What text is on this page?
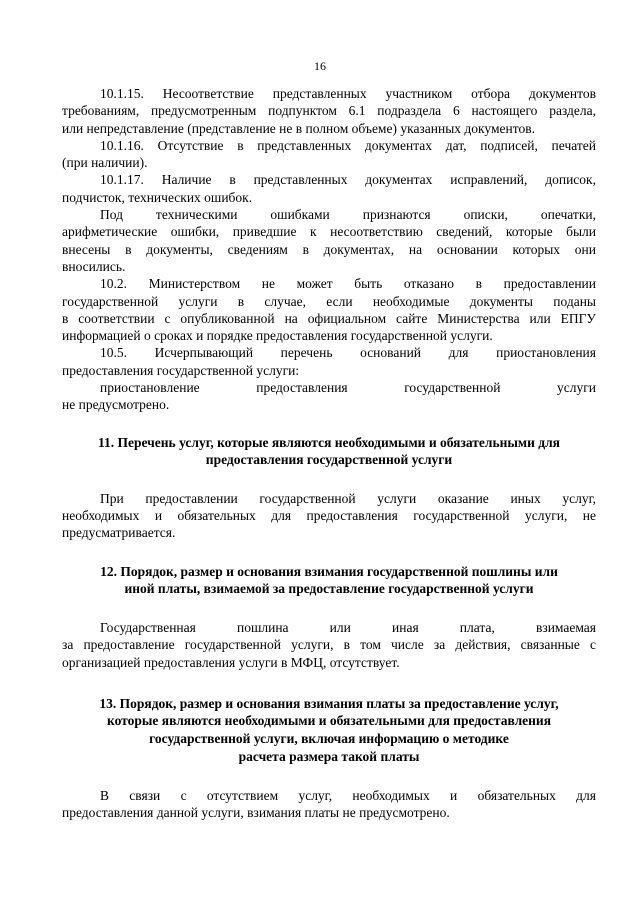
16

10.1.15. Несоответствие представленных участником отбора документов
требованиям, предусмотренным подпунктом 6.1 подраздела 6 настоящего раздела,
или непредставление (представление не в полном объеме) указанных документов.

10.1.16. Отсутствие в представленных документах дат, подписей, печатей
(при наличии).

10.1.17. Наличие в представленных документах исправлений, дописок,
подчисток, технических ошибок.

Под техническими ошибками признаются описки, опечатки,
арифметические ошибки, приведшие к несоответствию сведений, которые были
внесены в документы, сведениям в документах, на основании которых они
вносились.

10.2. Министерством не может быть отказано в предоставлении
государственной услуги в случае, если необходимые документы поданы
в соответствии с опубликованной на официальном сайте Министерства или ЕПГУ
информацией о сроках и порядке предоставления государственной услуги.

10.5. Исчерпывающий перечень оснований для приостановления
предоставления государственной услуги:

приостановление предоставления государственной услуги
не предусмотрено.

11. Перечень услуг, которые являются необходимыми и обязательными для
предоставления государственной услуги

При предоставлении государственной услуги оказание иных услуг,
необходимых и обязательных для предоставления государственной услуги, не
предусматривается.

12. Порядок, размер и основания взимания государственной пошлины или
иной платы, взимаемой за предоставление государственной услуги

Государственная пошлина или иная плата, взимаемая
за предоставление государственной услуги, в том числе за действия, связанные с
организацией предоставления услуги в МФЦ, отсутствует.

13. Порядок, размер и основания взимания платы за предоставление услуг,
которые являются необходимыми и обязательными для предоставления
государственной услуги, включая информацию о методике
расчета размера такой платы

В связи с отсутствием услуг, необходимых и обязательных для
предоставления данной услуги, взимания платы не предусмотрено.
